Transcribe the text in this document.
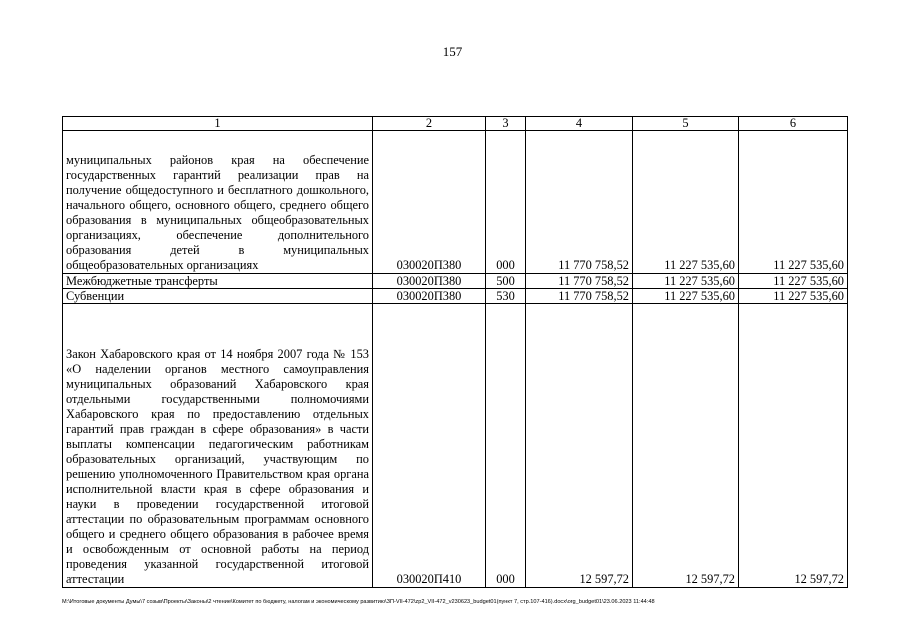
157
1	2	3	4	5	6
муниципальных районов края на обеспечение государственных гарантий реализации прав на получение общедоступного и бесплатного дошкольного, начального общего, основного общего, среднего общего образования в муниципальных общеобразовательных организациях, обеспечение дополнительного образования детей в муниципальных общеобразовательных организациях	030020П380	000	11 770 758,52	11 227 535,60	11 227 535,60
Межбюджетные трансферты	030020П380	500	11 770 758,52	11 227 535,60	11 227 535,60
Субвенции	030020П380	530	11 770 758,52	11 227 535,60	11 227 535,60
Закон Хабаровского края от 14 ноября 2007 года № 153 «О наделении органов местного самоуправления муниципальных образований Хабаровского края отдельными государственными полномочиями Хабаровского края по предоставлению отдельных гарантий прав граждан в сфере образования» в части выплаты компенсации педагогическим работникам образовательных организаций, участвующим по решению уполномоченного Правительством края органа исполнительной власти края в сфере образования и науки в проведении государственной итоговой аттестации по образовательным программам основного общего и среднего общего образования в рабочее время и освобожденным от основной работы на период проведения указанной государственной итоговой аттестации	030020П410	000	12 597,72	12 597,72	12 597,72
M:\Итоговые документы Думы\7 созыв\Проекты\Законы\2 чтение\Комитет по бюджету, налогам и экономическому развитию\ЗП-VII-472\zp2_VII-472_v230623_budget01(пункт 7, стр.107-416).docx\org_budget01\23.06.2023 11:44:48
